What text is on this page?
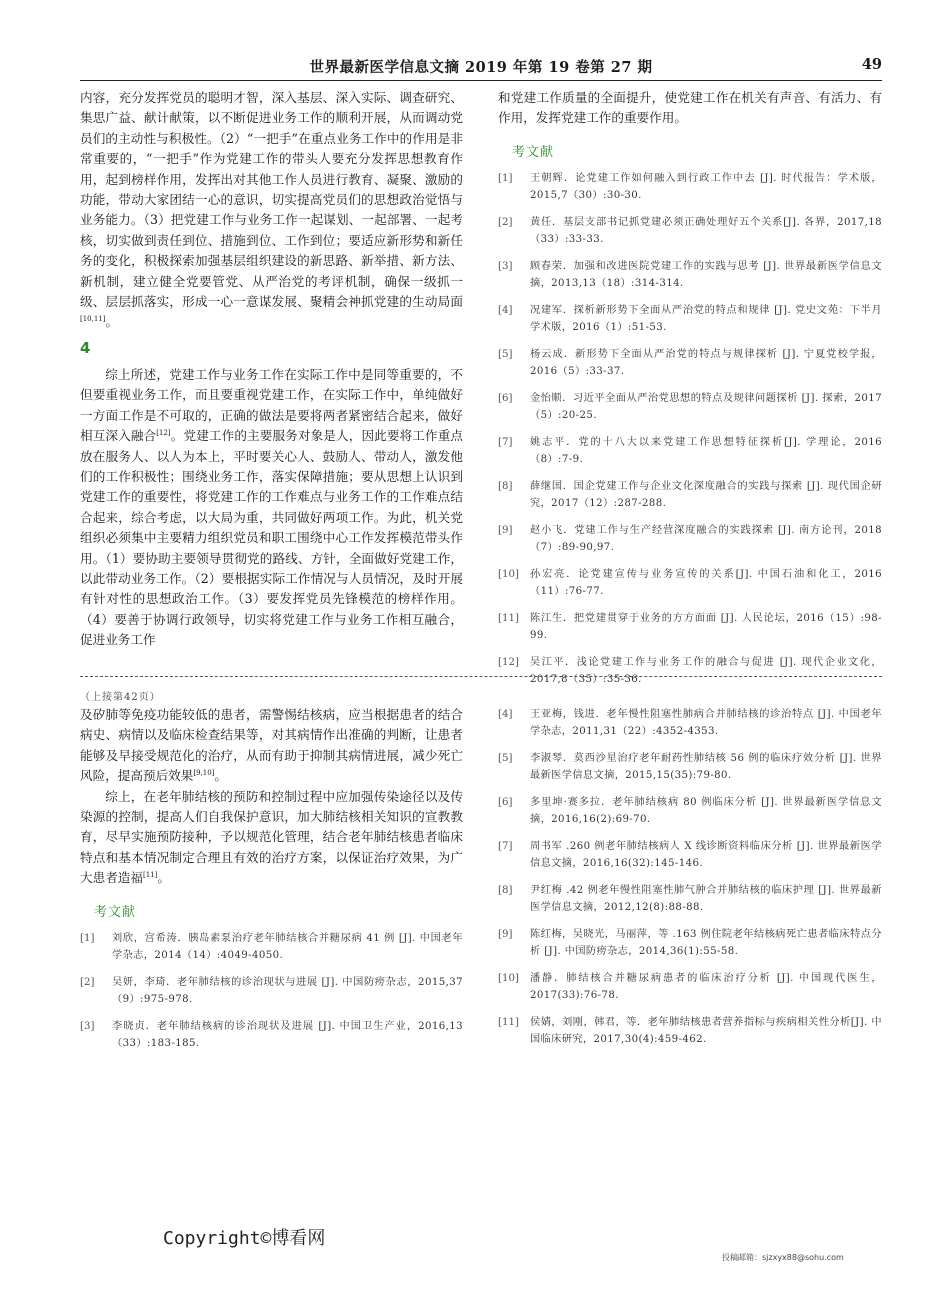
世界最新医学信息文摘 2019 年第 19 卷第 27 期	49

内容，充分发挥党员的聪明才智，深入基层、深入实际、调查研究、集思广益、献计献策，以不断促进业务工作的顺利开展，从而调动党员们的主动性与积极性。（2）“一把手”在重点业务工作中的作用是非常重要的，“一把手”作为党建工作的带头人要充分发挥思想教育作用，起到榜样作用，发挥出对其他工作人员进行教育、凝聚、激励的功能，带动大家团结一心的意识，切实提高党员们的思想政治觉悟与业务能力。（3）把党建工作与业务工作一起谋划、一起部署、一起考核，切实做到责任到位、措施到位、工作到位；要适应新形势和新任务的变化，积极探索加强基层组织建设的新思路、新举措、新方法、新机制，建立健全党要管党、从严治党的考评机制，确保一级抓一级、层层抓落实，形成一心一意谋发展、聚精会神抓党建的生动局面[10,11]。

4

综上所述，党建工作与业务工作在实际工作中是同等重要的，不但要重视业务工作，而且要重视党建工作，在实际工作中，单纯做好一方面工作是不可取的，正确的做法是要将两者紧密结合起来，做好相互深入融合[12]。党建工作的主要服务对象是人，因此要将工作重点放在服务人、以人为本上，平时要关心人、鼓励人、带动人，激发他们的工作积极性；围绕业务工作，落实保障措施；要从思想上认识到党建工作的重要性，将党建工作的工作难点与业务工作的工作难点结合起来，综合考虑，以大局为重，共同做好两项工作。为此，机关党组织必须集中主要精力组织党员和职工围绕中心工作发挥模范带头作用。（1）要协助主要领导贯彻党的路线、方针，全面做好党建工作，以此带动业务工作。（2）要根据实际工作情况与人员情况，及时开展有针对性的思想政治工作。（3）要发挥党员先锋模范的榜样作用。（4）要善于协调行政领导，切实将党建工作与业务工作相互融合，促进业务工作

和党建工作质量的全面提升，使党建工作在机关有声音、有活力、有作用，发挥党建工作的重要作用。

考文献
[1]	王朝辉．论党建工作如何融入到行政工作中去 [J]. 时代报告：学术版，2015,7（30）:30-30.
[2]	黄任．基层支部书记抓党建必须正确处理好五个关系[J]. 各界，2017,18（33）:33-33.
[3]	顾春荣．加强和改进医院党建工作的实践与思考 [J]. 世界最新医学信息文摘，2013,13（18）:314-314.
[4]	况建军．探析新形势下全面从严治党的特点和规律 [J]. 党史文苑：下半月学术版，2016（1）:51-53.
[5]	杨云成．新形势下全面从严治党的特点与规律探析 [J]. 宁夏党校学报，2016（5）:33-37.
[6]	金怡顺．习近平全面从严治党思想的特点及规律问题探析 [J]. 探索，2017（5）:20-25.
[7]	姚志平．党的十八大以来党建工作思想特征探析[J]. 学理论，2016（8）:7-9.
[8]	薛继国．国企党建工作与企业文化深度融合的实践与探索 [J]. 现代国企研究，2017（12）:287-288.
[9]	赵小飞．党建工作与生产经营深度融合的实践探索 [J]. 南方论刊，2018（7）:89-90,97.
[10]	孙宏亮．论党建宣传与业务宣传的关系[J]. 中国石油和化工，2016（11）:76-77.
[11]	陈江生．把党建贯穿于业务的方方面面 [J]. 人民论坛，2016（15）:98-99.
[12]	吴江平．浅论党建工作与业务工作的融合与促进 [J]. 现代企业文化，2017,8（35）:35-36.
（上接第42页）

及矽肺等免疫功能较低的患者，需警惕结核病，应当根据患者的结合病史、病情以及临床检查结果等，对其病情作出准确的判断，让患者能够及早接受规范化的治疗，从而有助于抑制其病情进展，减少死亡风险，提高预后效果[9,10]。

综上，在老年肺结核的预防和控制过程中应加强传染途径以及传染源的控制，提高人们自我保护意识，加大肺结核相关知识的宣教教育，尽早实施预防接种，予以规范化管理，结合老年肺结核患者临床特点和基本情况制定合理且有效的治疗方案，以保证治疗效果，为广大患者造福[11]。

考文献
[1]	刘欣，宫希涛．胰岛素泵治疗老年肺结核合并糖尿病 41 例 [J]. 中国老年学杂志，2014（14）:4049-4050.
[2]	吴妍，李琦．老年肺结核的诊治现状与进展 [J]. 中国防痨杂志，2015,37（9）:975-978.
[3]	李晓贞．老年肺结核病的诊治现状及进展 [J]. 中国卫生产业，2016,13（33）:183-185.
[4]	王亚梅，钱进．老年慢性阻塞性肺病合并肺结核的诊治特点 [J]. 中国老年学杂志，2011,31（22）:4352-4353.
[5]	李淑琴．莫西沙星治疗老年耐药性肺结核 56 例的临床疗效分析 [J]. 世界最新医学信息文摘，2015,15(35):79-80.
[6]	多里坤·赛多拉．老年肺结核病 80 例临床分析 [J]. 世界最新医学信息文摘，2016,16(2):69-70.
[7]	周书军 .260 例老年肺结核病人 X 线诊断资料临床分析 [J]. 世界最新医学信息文摘，2016,16(32):145-146.
[8]	尹红梅 .42 例老年慢性阻塞性肺气肿合并肺结核的临床护理 [J]. 世界最新医学信息文摘，2012,12(8):88-88.
[9]	陈红梅，吴晓光，马丽萍，等 .163 例住院老年结核病死亡患者临床特点分析 [J]. 中国防痨杂志，2014,36(1):55-58.
[10]	潘静．肺结核合并糖尿病患者的临床治疗分析 [J]. 中国现代医生，2017(33):76-78.
[11]	侯婧，刘刚，韩君，等．老年肺结核患者营养指标与疾病相关性分析[J]. 中国临床研究，2017,30(4):459-462.
Copyright©博看网
投稿邮箱：sjzxyx88@sohu.com
